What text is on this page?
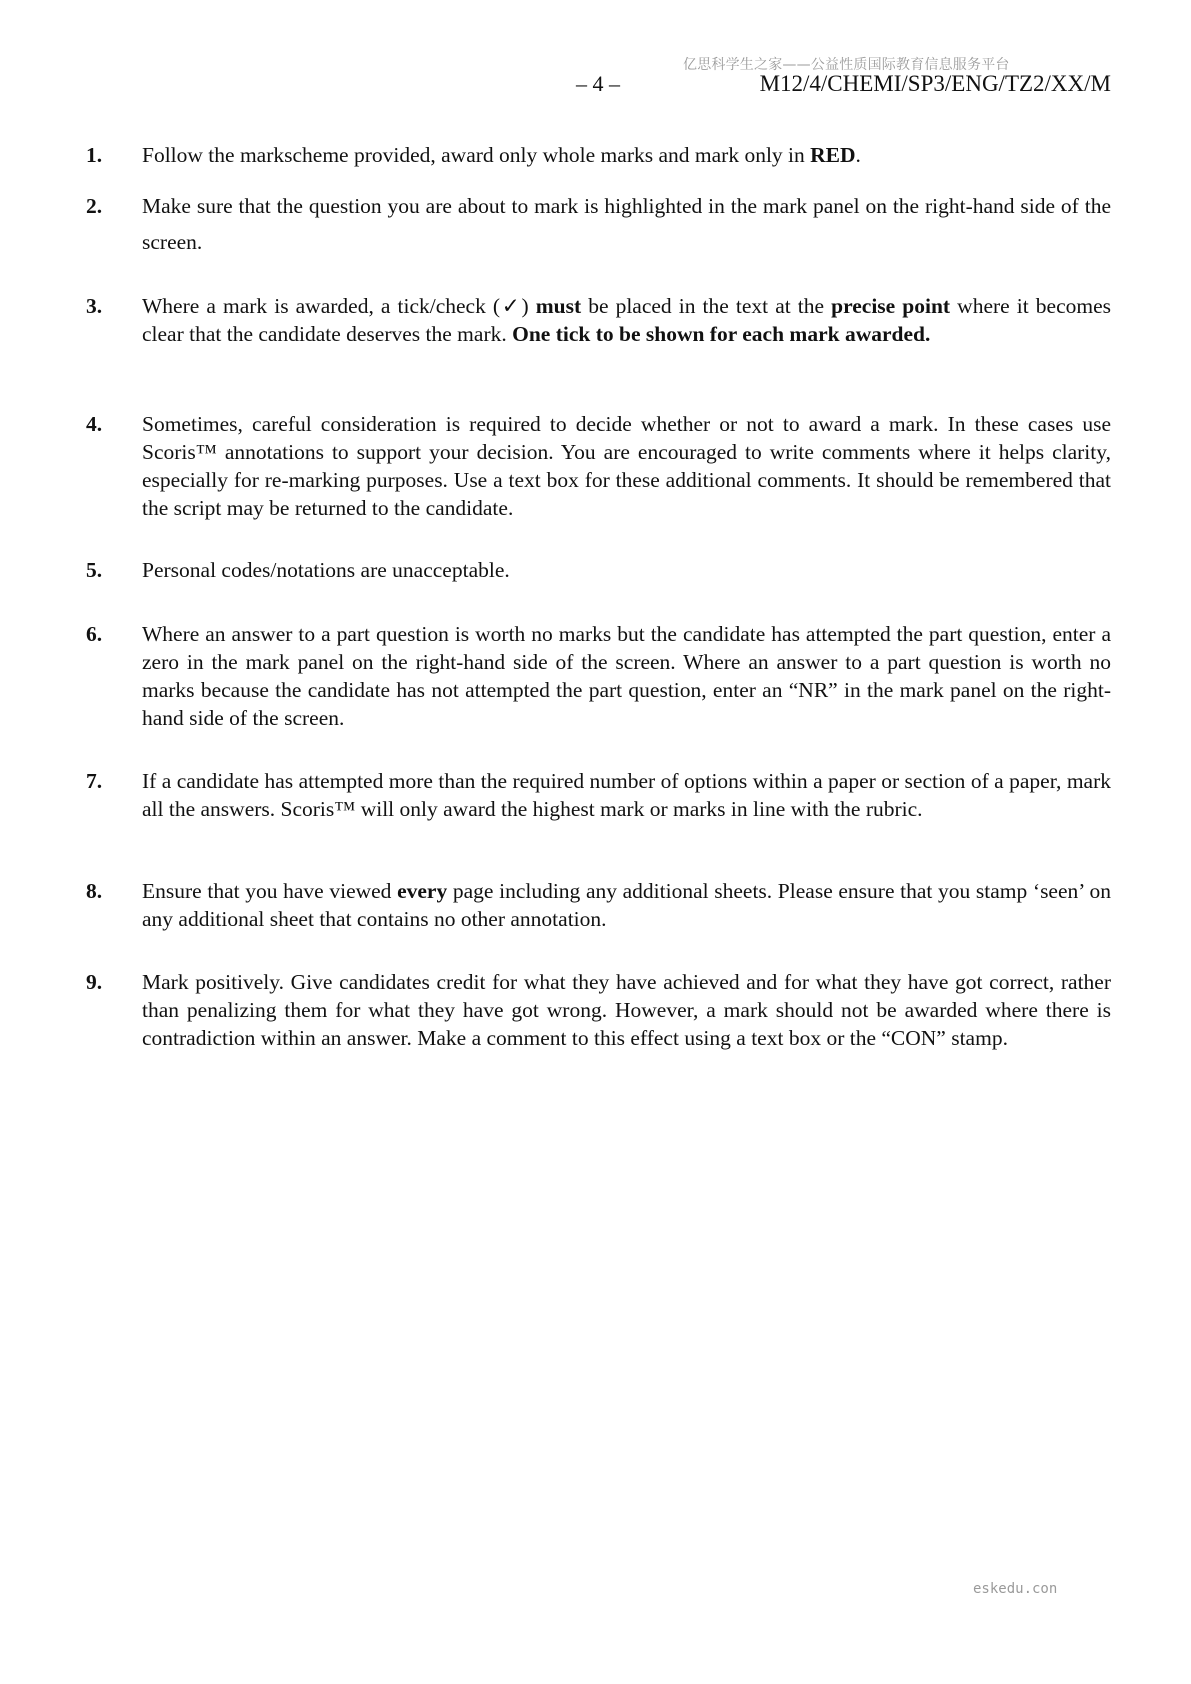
亿思科学生之家——公益性质国际教育信息服务平台
– 4 –	M12/4/CHEMI/SP3/ENG/TZ2/XX/M
1. Follow the markscheme provided, award only whole marks and mark only in RED.
2. Make sure that the question you are about to mark is highlighted in the mark panel on the right-hand side of the screen.
3. Where a mark is awarded, a tick/check (✓) must be placed in the text at the precise point where it becomes clear that the candidate deserves the mark. One tick to be shown for each mark awarded.
4. Sometimes, careful consideration is required to decide whether or not to award a mark. In these cases use Scoris™ annotations to support your decision. You are encouraged to write comments where it helps clarity, especially for re-marking purposes. Use a text box for these additional comments. It should be remembered that the script may be returned to the candidate.
5. Personal codes/notations are unacceptable.
6. Where an answer to a part question is worth no marks but the candidate has attempted the part question, enter a zero in the mark panel on the right-hand side of the screen. Where an answer to a part question is worth no marks because the candidate has not attempted the part question, enter an “NR” in the mark panel on the right-hand side of the screen.
7. If a candidate has attempted more than the required number of options within a paper or section of a paper, mark all the answers. Scoris™ will only award the highest mark or marks in line with the rubric.
8. Ensure that you have viewed every page including any additional sheets. Please ensure that you stamp ‘seen’ on any additional sheet that contains no other annotation.
9. Mark positively. Give candidates credit for what they have achieved and for what they have got correct, rather than penalizing them for what they have got wrong. However, a mark should not be awarded where there is contradiction within an answer. Make a comment to this effect using a text box or the “CON” stamp.
eskedu.con
